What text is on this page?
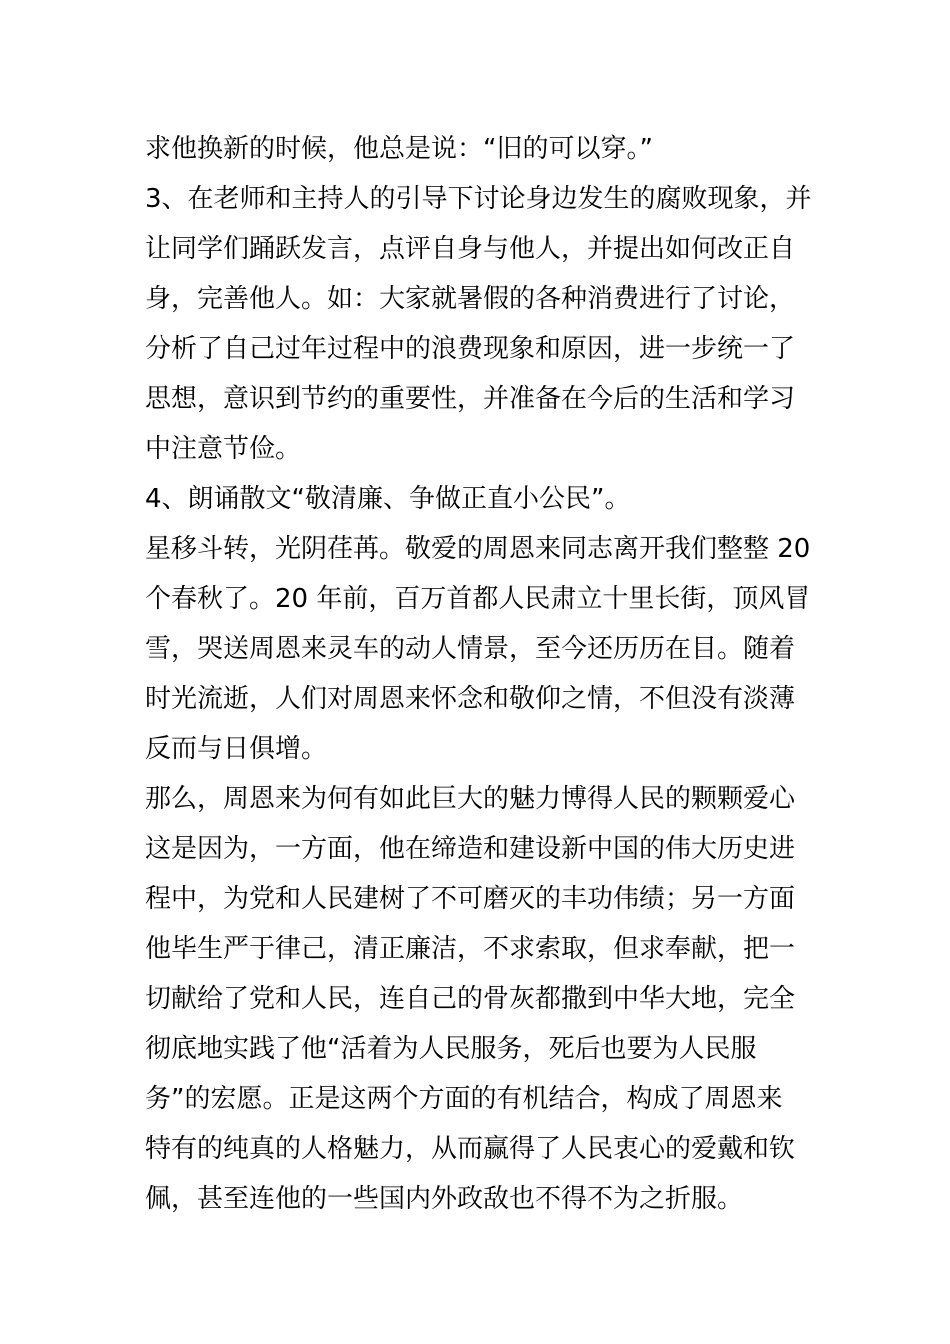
求他换新的时候，他总是说：“旧的可以穿。”
3、在老师和主持人的引导下讨论身边发生的腐败现象，并
让同学们踊跃发言，点评自身与他人，并提出如何改正自
身，完善他人。如：大家就暑假的各种消费进行了讨论，
分析了自己过年过程中的浪费现象和原因，进一步统一了
思想，意识到节约的重要性，并准备在今后的生活和学习
中注意节俭。
4、朗诵散文“敬清廉、争做正直小公民”。
星移斗转，光阴荏苒。敬爱的周恩来同志离开我们整整 20
个春秋了。20 年前，百万首都人民肃立十里长街，顶风冒
雪，哭送周恩来灵车的动人情景，至今还历历在目。随着
时光流逝，人们对周恩来怀念和敬仰之情，不但没有淡薄
反而与日俱增。
那么，周恩来为何有如此巨大的魅力博得人民的颗颗爱心
这是因为，一方面，他在缔造和建设新中国的伟大历史进
程中，为党和人民建树了不可磨灭的丰功伟绩；另一方面
他毕生严于律己，清正廉洁，不求索取，但求奉献，把一
切献给了党和人民，连自己的骨灰都撒到中华大地，完全
彻底地实践了他“活着为人民服务，死后也要为人民服
务”的宏愿。正是这两个方面的有机结合，构成了周恩来
特有的纯真的人格魅力，从而赢得了人民衷心的爱戴和钦
佩，甚至连他的一些国内外政敌也不得不为之折服。
